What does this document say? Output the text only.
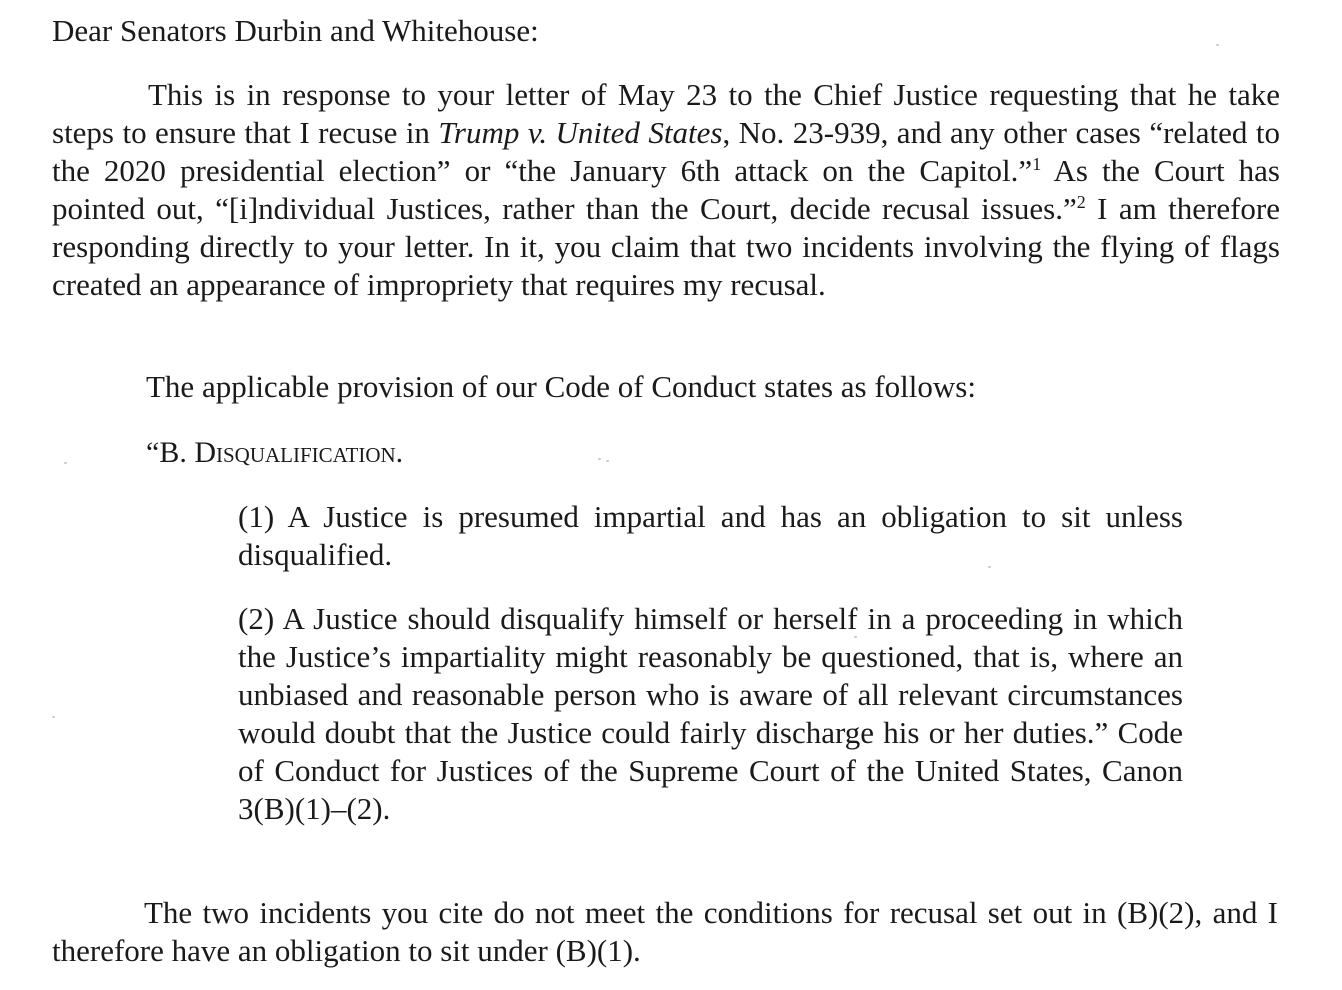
Dear Senators Durbin and Whitehouse:

This is in response to your letter of May 23 to the Chief Justice requesting that he take steps to ensure that I recuse in Trump v. United States, No. 23-939, and any other cases “related to the 2020 presidential election” or “the January 6th attack on the Capitol.”$^1$ As the Court has pointed out, “[i]ndividual Justices, rather than the Court, decide recusal issues.”$^2$ I am therefore responding directly to your letter. In it, you claim that two incidents involving the flying of flags created an appearance of impropriety that requires my recusal.

The applicable provision of our Code of Conduct states as follows:

“B. Disqualification.

(1) A Justice is presumed impartial and has an obligation to sit unless disqualified.

(2) A Justice should disqualify himself or herself in a proceeding in which the Justice’s impartiality might reasonably be questioned, that is, where an unbiased and reasonable person who is aware of all relevant circumstances would doubt that the Justice could fairly discharge his or her duties.” Code of Conduct for Justices of the Supreme Court of the United States, Canon 3(B)(1)–(2).

The two incidents you cite do not meet the conditions for recusal set out in (B)(2), and I therefore have an obligation to sit under (B)(1).
